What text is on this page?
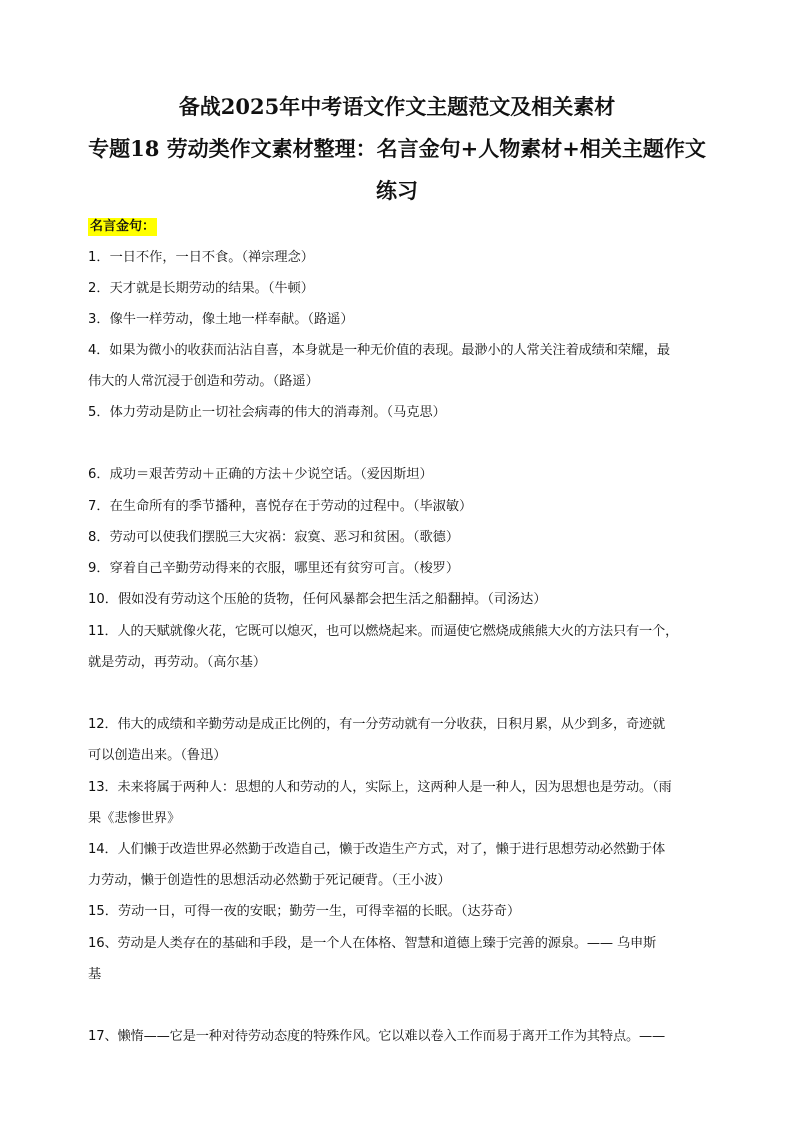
备战2025年中考语文作文主题范文及相关素材
专题18 劳动类作文素材整理：名言金句+人物素材+相关主题作文
练习
名言金句：
1．一日不作，一日不食。（禅宗理念）
2．天才就是长期劳动的结果。（牛顿）
3．像牛一样劳动，像土地一样奉献。（路遥）
4．如果为微小的收获而沾沾自喜，本身就是一种无价值的表现。最渺小的人常关注着成绩和荣耀，最
伟大的人常沉浸于创造和劳动。（路遥）
5．体力劳动是防止一切社会病毒的伟大的消毒剂。（马克思）
6．成功＝艰苦劳动＋正确的方法＋少说空话。（爱因斯坦）
7．在生命所有的季节播种，喜悦存在于劳动的过程中。（毕淑敏）
8．劳动可以使我们摆脱三大灾祸：寂寞、恶习和贫困。（歌德）
9．穿着自己辛勤劳动得来的衣服，哪里还有贫穷可言。（梭罗）
10．假如没有劳动这个压舱的货物，任何风暴都会把生活之船翻掉。（司汤达）
11．人的天赋就像火花，它既可以熄灭，也可以燃烧起来。而逼使它燃烧成熊熊大火的方法只有一个，
就是劳动，再劳动。（高尔基）
12．伟大的成绩和辛勤劳动是成正比例的，有一分劳动就有一分收获，日积月累，从少到多，奇迹就
可以创造出来。（鲁迅）
13．未来将属于两种人：思想的人和劳动的人，实际上，这两种人是一种人，因为思想也是劳动。（雨
果《悲惨世界》
14．人们懒于改造世界必然勤于改造自己，懒于改造生产方式，对了，懒于进行思想劳动必然勤于体
力劳动，懒于创造性的思想活动必然勤于死记硬背。（王小波）
15．劳动一日，可得一夜的安眠；勤劳一生，可得幸福的长眠。（达芬奇）
16、劳动是人类存在的基础和手段，是一个人在体格、智慧和道德上臻于完善的源泉。—— 乌申斯
基
17、懒惰——它是一种对待劳动态度的特殊作风。它以难以卷入工作而易于离开工作为其特点。——
